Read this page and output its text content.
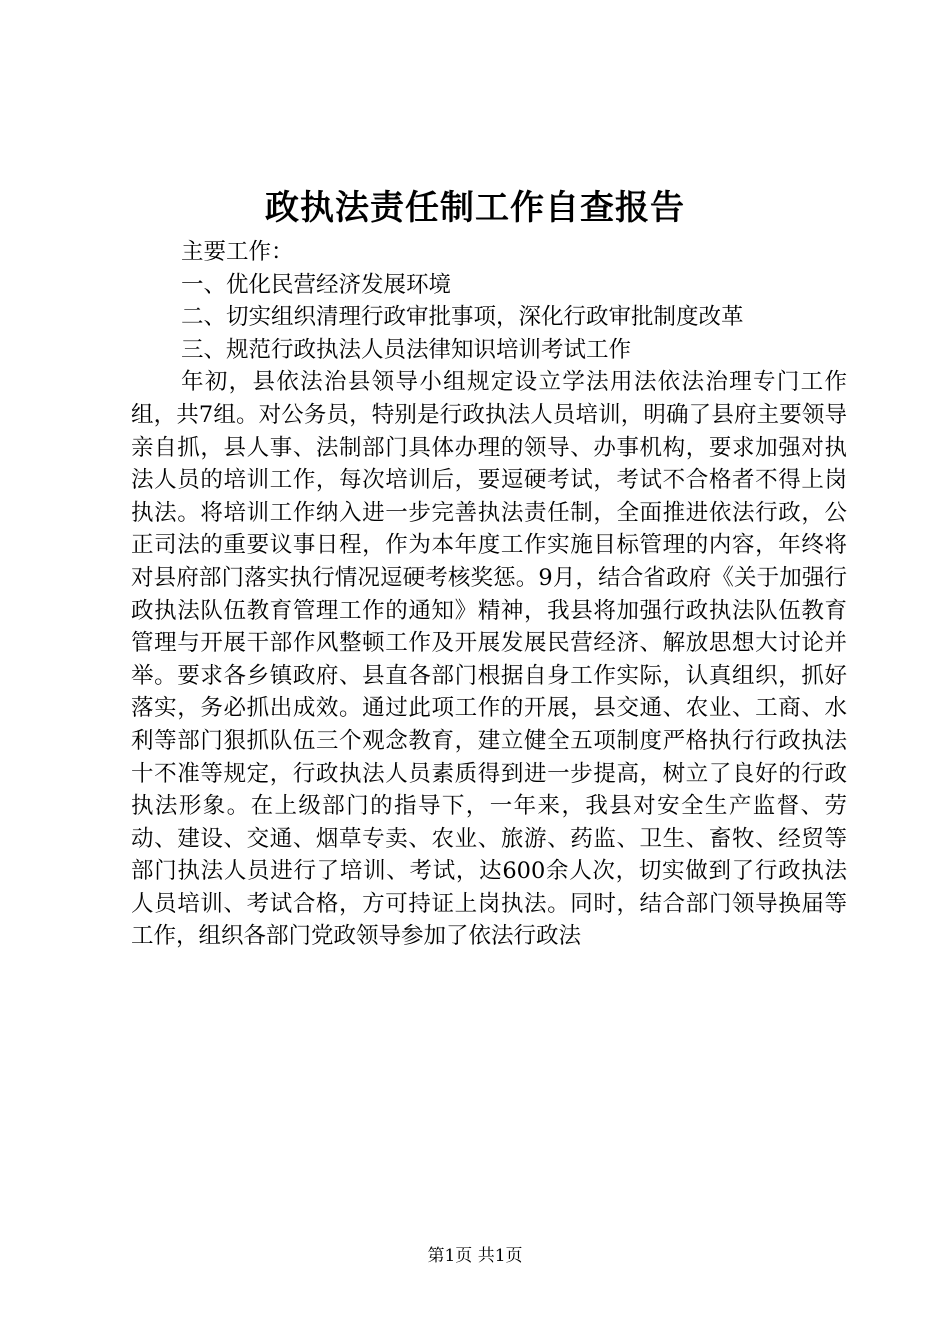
政执法责任制工作自查报告

主要工作：

一、优化民营经济发展环境

二、切实组织清理行政审批事项，深化行政审批制度改革

三、规范行政执法人员法律知识培训考试工作

年初，县依法治县领导小组规定设立学法用法依法治理专门工作组，共7组。对公务员，特别是行政执法人员培训，明确了县府主要领导亲自抓，县人事、法制部门具体办理的领导、办事机构，要求加强对执法人员的培训工作，每次培训后，要逗硬考试，考试不合格者不得上岗执法。将培训工作纳入进一步完善执法责任制，全面推进依法行政，公正司法的重要议事日程，作为本年度工作实施目标管理的内容，年终将对县府部门落实执行情况逗硬考核奖惩。9月，结合省政府《关于加强行政执法队伍教育管理工作的通知》精神，我县将加强行政执法队伍教育管理与开展干部作风整顿工作及开展发展民营经济、解放思想大讨论并举。要求各乡镇政府、县直各部门根据自身工作实际，认真组织，抓好落实，务必抓出成效。通过此项工作的开展，县交通、农业、工商、水利等部门狠抓队伍三个观念教育，建立健全五项制度严格执行行政执法十不准等规定，行政执法人员素质得到进一步提高，树立了良好的行政执法形象。在上级部门的指导下，一年来，我县对安全生产监督、劳动、建设、交通、烟草专卖、农业、旅游、药监、卫生、畜牧、经贸等部门执法人员进行了培训、考试，达600余人次，切实做到了行政执法人员培训、考试合格，方可持证上岗执法。同时，结合部门领导换届等工作，组织各部门党政领导参加了依法行政法

第1页 共1页
